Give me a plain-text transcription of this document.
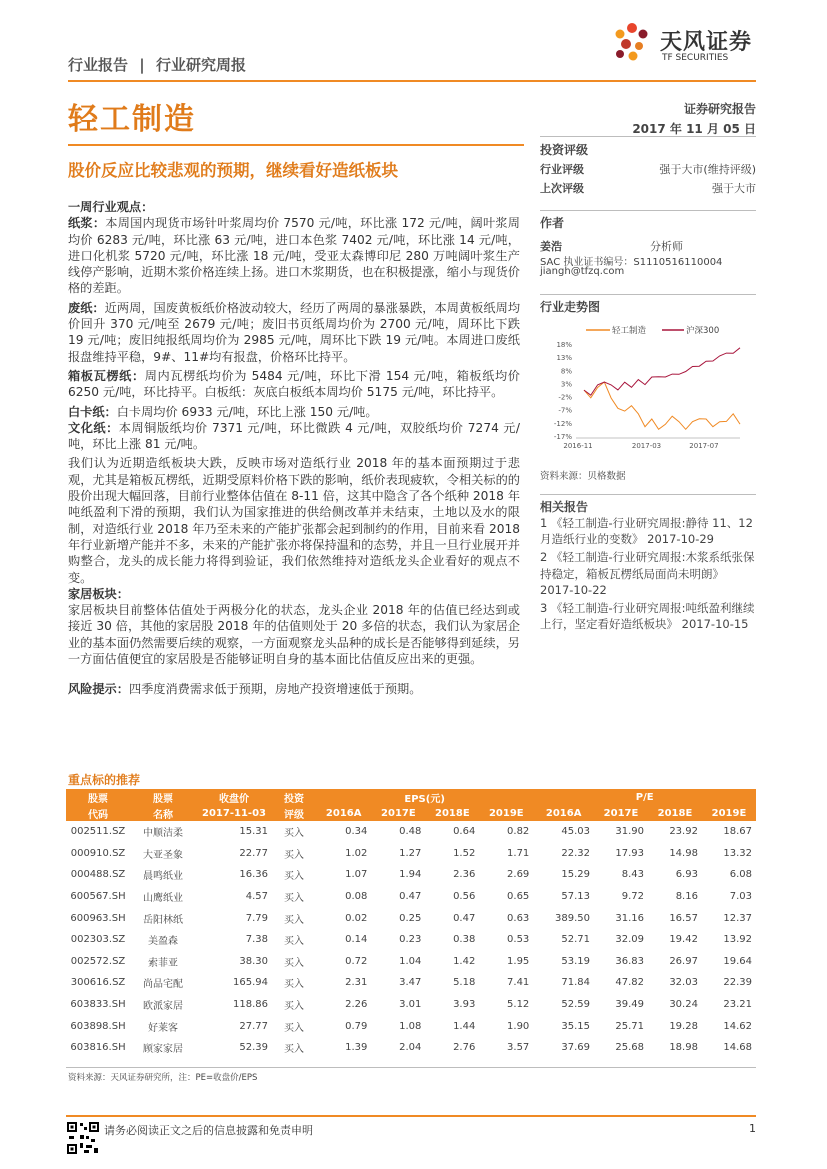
天风证券
TF SECURITIES
行业报告 | 行业研究周报
轻工制造	证券研究报告
2017 年 11 月 05 日
股价反应比较悲观的预期，继续看好造纸板块
投资评级
行业评级	强于大市(维持评级)
上次评级	强于大市
作者
姜浩	分析师
SAC 执业证书编号：S1110516110004
jiangh@tfzq.com
行业走势图
轻工制造	沪深300
18%
13%
8%
3%
-2%
-7%
-12%
-17%
2016-11	2017-03	2017-07
资料来源：贝格数据
相关报告
1 《轻工制造-行业研究周报:静待 11、12 月造纸行业的变数》 2017-10-29
2 《轻工制造-行业研究周报:木浆系纸张保持稳定，箱板瓦楞纸局面尚未明朗》 2017-10-22
3 《轻工制造-行业研究周报:吨纸盈利继续上行，坚定看好造纸板块》 2017-10-15
一周行业观点：

纸浆：本周国内现货市场针叶浆周均价 7570 元/吨，环比涨 172 元/吨，阔叶浆周均价 6283 元/吨，环比涨 63 元/吨，进口本色浆 7402 元/吨，环比涨 14 元/吨，进口化机浆 5720 元/吨，环比涨 18 元/吨，受亚太森博印尼 280 万吨阔叶浆生产线停产影响，近期木浆价格连续上扬。进口木浆期货，也在积极提涨，缩小与现货价格的差距。

废纸：近两周，国废黄板纸价格波动较大，经历了两周的暴涨暴跌，本周黄板纸周均价回升 370 元/吨至 2679 元/吨；废旧书页纸周均价为 2700 元/吨，周环比下跌 19 元/吨；废旧纯报纸周均价为 2985 元/吨，周环比下跌 19 元/吨。本周进口废纸报盘维持平稳，9#、11#均有报盘，价格环比持平。

箱板瓦楞纸：周内瓦楞纸均价为 5484 元/吨，环比下滑 154 元/吨，箱板纸均价 6250 元/吨，环比持平。白板纸：灰底白板纸本周均价 5175 元/吨，环比持平。

白卡纸：白卡周均价 6933 元/吨，环比上涨 150 元/吨。

文化纸：本周铜版纸均价 7371 元/吨，环比微跌 4 元/吨，双胶纸均价 7274 元/吨，环比上涨 81 元/吨。

我们认为近期造纸板块大跌，反映市场对造纸行业 2018 年的基本面预期过于悲观，尤其是箱板瓦楞纸，近期受原料价格下跌的影响，纸价表现疲软，令相关标的的股价出现大幅回落，目前行业整体估值在 8-11 倍，这其中隐含了各个纸种 2018 年吨纸盈利下滑的预期，我们认为国家推进的供给侧改革并未结束，土地以及水的限制，对造纸行业 2018 年乃至未来的产能扩张都会起到制约的作用，目前来看 2018 年行业新增产能并不多，未来的产能扩张亦将保持温和的态势，并且一旦行业展开并购整合，龙头的成长能力将得到验证，我们依然维持对造纸龙头企业看好的观点不变。

家居板块：
家居板块目前整体估值处于两极分化的状态，龙头企业 2018 年的估值已经达到或接近 30 倍，其他的家居股 2018 年的估值则处于 20 多倍的状态，我们认为家居企业的基本面仍然需要后续的观察，一方面观察龙头品种的成长是否能够得到延续，另一方面估值便宜的家居股是否能够证明自身的基本面比估值反应出来的更强。

风险提示：四季度消费需求低于预期，房地产投资增速低于预期。

重点标的推荐
股票	股票	收盘价	投资	EPS(元)				P/E			
代码	名称	2017-11-03	评级	2016A	2017E	2018E	2019E	2016A	2017E	2018E	2019E
002511.SZ	中顺洁柔	15.31	买入	0.34	0.48	0.64	0.82	45.03	31.90	23.92	18.67
000910.SZ	大亚圣象	22.77	买入	1.02	1.27	1.52	1.71	22.32	17.93	14.98	13.32
000488.SZ	晨鸣纸业	16.36	买入	1.07	1.94	2.36	2.69	15.29	8.43	6.93	6.08
600567.SH	山鹰纸业	4.57	买入	0.08	0.47	0.56	0.65	57.13	9.72	8.16	7.03
600963.SH	岳阳林纸	7.79	买入	0.02	0.25	0.47	0.63	389.50	31.16	16.57	12.37
002303.SZ	美盈森	7.38	买入	0.14	0.23	0.38	0.53	52.71	32.09	19.42	13.92
002572.SZ	索菲亚	38.30	买入	0.72	1.04	1.42	1.95	53.19	36.83	26.97	19.64
300616.SZ	尚品宅配	165.94	买入	2.31	3.47	5.18	7.41	71.84	47.82	32.03	22.39
603833.SH	欧派家居	118.86	买入	2.26	3.01	3.93	5.12	52.59	39.49	30.24	23.21
603898.SH	好莱客	27.77	买入	0.79	1.08	1.44	1.90	35.15	25.71	19.28	14.62
603816.SH	顾家家居	52.39	买入	1.39	2.04	2.76	3.57	37.69	25.68	18.98	14.68
资料来源：天风证券研究所，注：PE=收盘价/EPS
请务必阅读正文之后的信息披露和免责申明	1
